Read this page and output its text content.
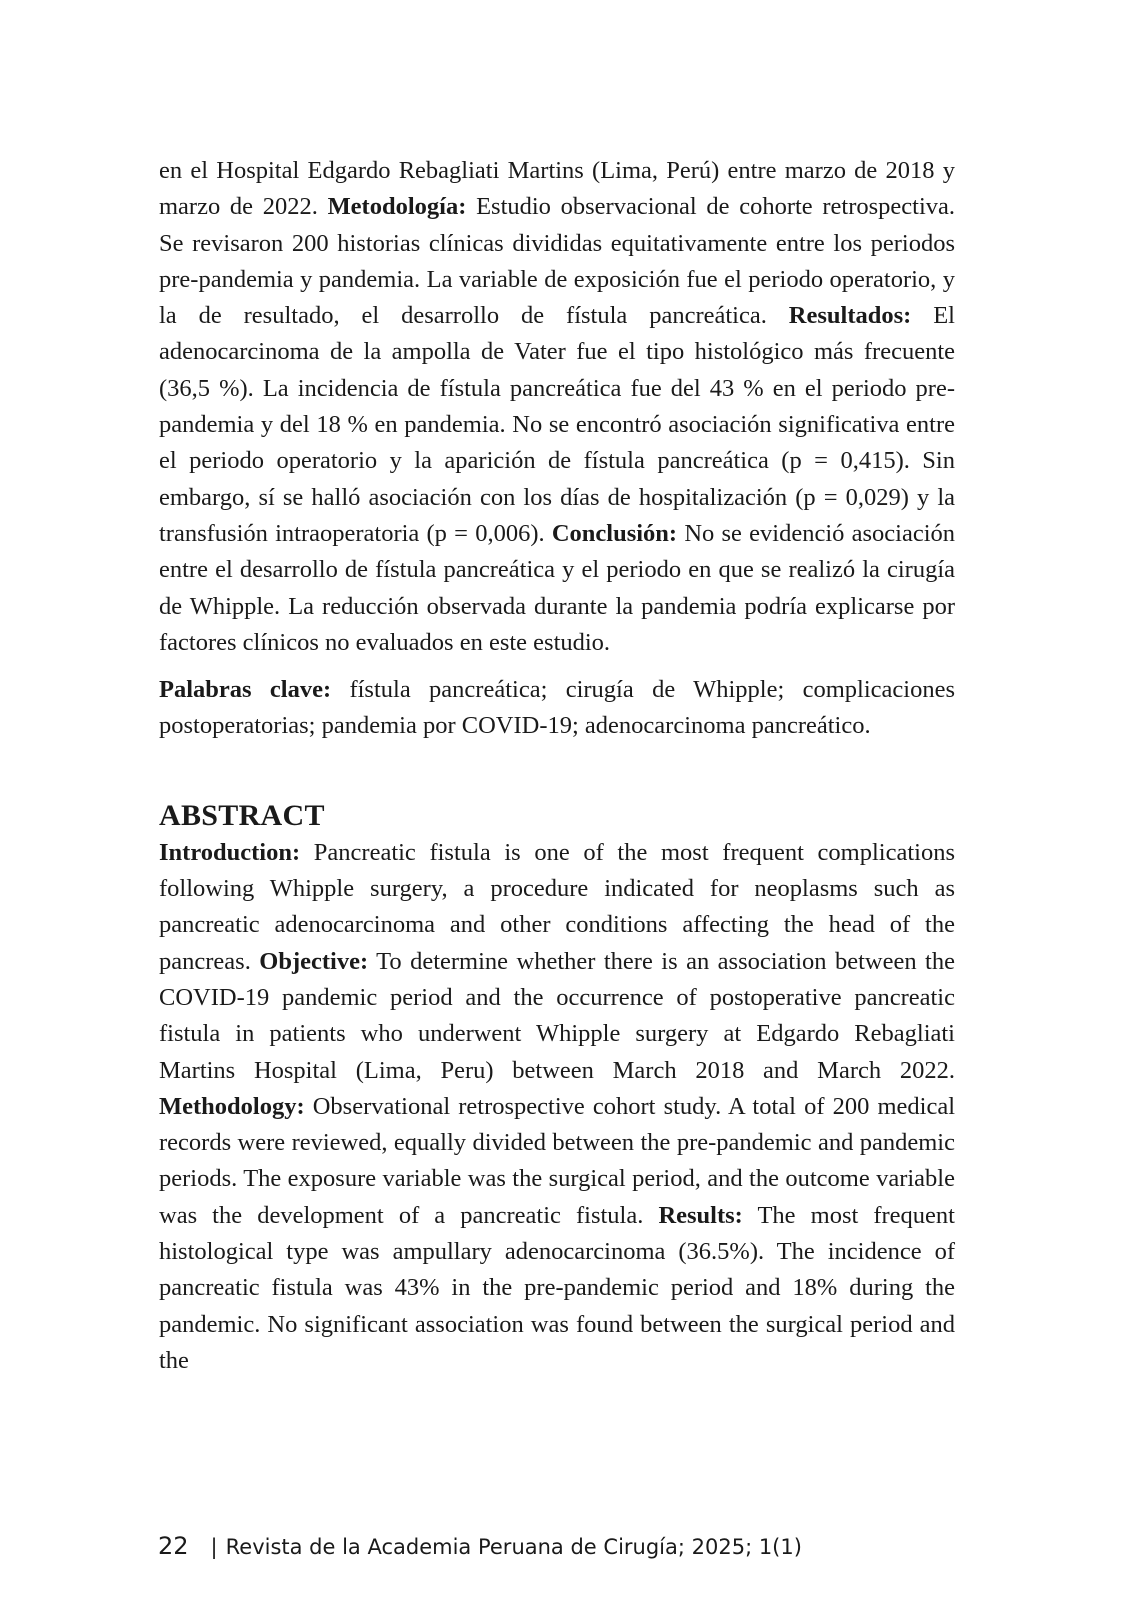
en el Hospital Edgardo Rebagliati Martins (Lima, Perú) entre marzo de 2018 y marzo de 2022. Metodología: Estudio observacional de cohorte retrospectiva. Se revisaron 200 historias clínicas divididas equitativamente entre los periodos pre-pandemia y pandemia. La variable de exposición fue el periodo operatorio, y la de resultado, el desarrollo de fístula pancreática. Resultados: El adenocarcinoma de la ampolla de Vater fue el tipo histológico más frecuente (36,5 %). La incidencia de fístula pancreática fue del 43 % en el periodo pre-pandemia y del 18 % en pandemia. No se encontró asociación significativa entre el periodo operatorio y la aparición de fístula pancreática (p = 0,415). Sin embargo, sí se halló asociación con los días de hospitalización (p = 0,029) y la transfusión intraoperatoria (p = 0,006). Conclusión: No se evidenció asociación entre el desarrollo de fístula pancreática y el periodo en que se realizó la cirugía de Whipple. La reducción observada durante la pandemia podría explicarse por factores clínicos no evaluados en este estudio.

Palabras clave: fístula pancreática; cirugía de Whipple; complicaciones postoperatorias; pandemia por COVID-19; adenocarcinoma pancreático.

ABSTRACT

Introduction: Pancreatic fistula is one of the most frequent complications following Whipple surgery, a procedure indicated for neoplasms such as pancreatic adenocarcinoma and other conditions affecting the head of the pancreas. Objective: To determine whether there is an association between the COVID-19 pandemic period and the occurrence of postoperative pancreatic fistula in patients who underwent Whipple surgery at Edgardo Rebagliati Martins Hospital (Lima, Peru) between March 2018 and March 2022. Methodology: Observational retrospective cohort study. A total of 200 medical records were reviewed, equally divided between the pre-pandemic and pandemic periods. The exposure variable was the surgical period, and the outcome variable was the development of a pancreatic fistula. Results: The most frequent histological type was ampullary adenocarcinoma (36.5%). The incidence of pancreatic fistula was 43% in the pre-pandemic period and 18% during the pandemic. No significant association was found between the surgical period and the

22 | Revista de la Academia Peruana de Cirugía; 2025; 1(1)
